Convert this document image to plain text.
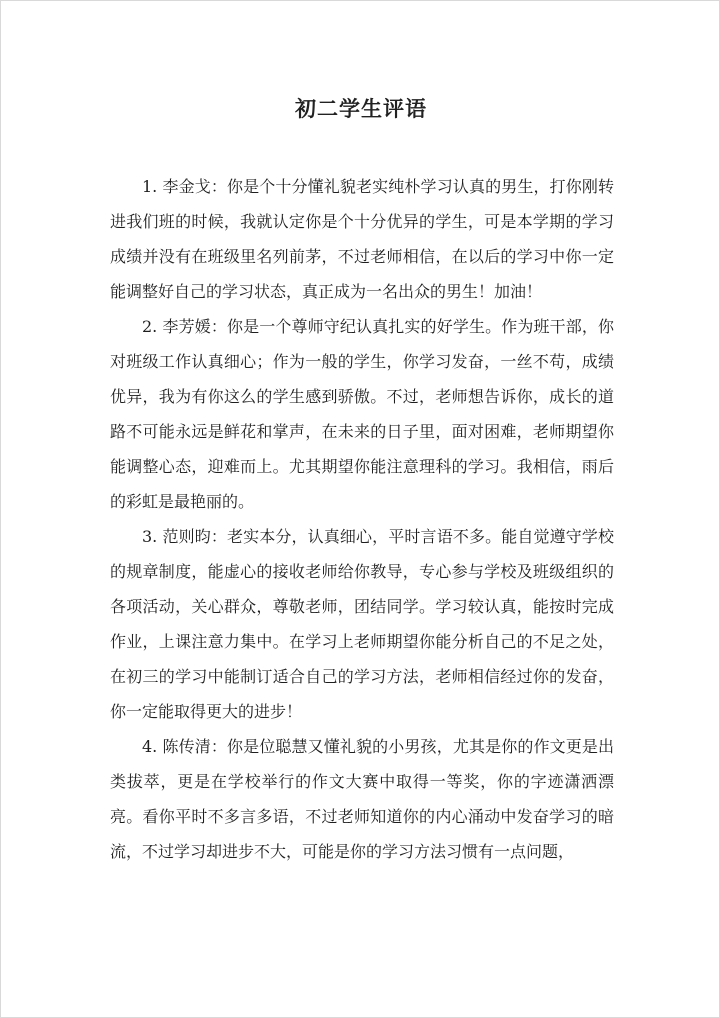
初二学生评语

1. 李金戈：你是个十分懂礼貌老实纯朴学习认真的男生，打你刚转进我们班的时候，我就认定你是个十分优异的学生，可是本学期的学习成绩并没有在班级里名列前茅，不过老师相信，在以后的学习中你一定能调整好自己的学习状态，真正成为一名出众的男生！加油！

2. 李芳媛：你是一个尊师守纪认真扎实的好学生。作为班干部，你对班级工作认真细心；作为一般的学生，你学习发奋，一丝不苟，成绩优异，我为有你这么的学生感到骄傲。不过，老师想告诉你，成长的道路不可能永远是鲜花和掌声，在未来的日子里，面对困难，老师期望你能调整心态，迎难而上。尤其期望你能注意理科的学习。我相信，雨后的彩虹是最艳丽的。

3. 范则昀：老实本分，认真细心，平时言语不多。能自觉遵守学校的规章制度，能虚心的接收老师给你教导，专心参与学校及班级组织的各项活动，关心群众，尊敬老师，团结同学。学习较认真，能按时完成作业，上课注意力集中。在学习上老师期望你能分析自己的不足之处，在初三的学习中能制订适合自己的学习方法，老师相信经过你的发奋，你一定能取得更大的进步！

4. 陈传清：你是位聪慧又懂礼貌的小男孩，尤其是你的作文更是出类拔萃，更是在学校举行的作文大赛中取得一等奖，你的字迹潇洒漂亮。看你平时不多言多语，不过老师知道你的内心涌动中发奋学习的暗流，不过学习却进步不大，可能是你的学习方法习惯有一点问题，
